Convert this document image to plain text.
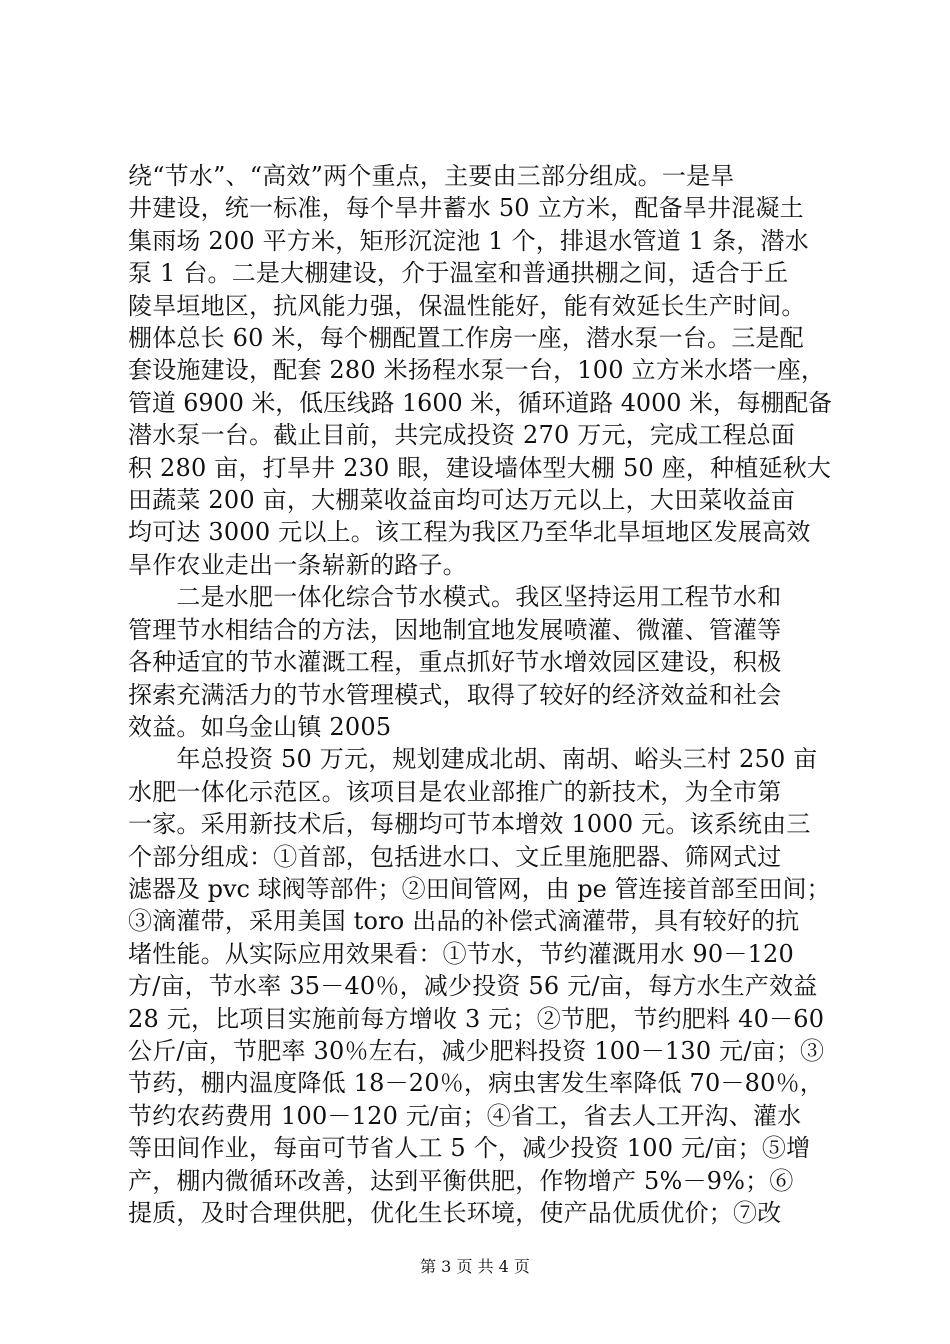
绕“节水”、“高效”两个重点，主要由三部分组成。一是旱
井建设，统一标准，每个旱井蓄水 50 立方米，配备旱井混凝土
集雨场 200 平方米，矩形沉淀池 1 个，排退水管道 1 条，潜水
泵 1 台。二是大棚建设，介于温室和普通拱棚之间，适合于丘
陵旱垣地区，抗风能力强，保温性能好，能有效延长生产时间。
棚体总长 60 米，每个棚配置工作房一座，潜水泵一台。三是配
套设施建设，配套 280 米扬程水泵一台，100 立方米水塔一座，
管道 6900 米，低压线路 1600 米，循环道路 4000 米，每棚配备
潜水泵一台。截止目前，共完成投资 270 万元，完成工程总面
积 280 亩，打旱井 230 眼，建设墙体型大棚 50 座，种植延秋大
田蔬菜 200 亩，大棚菜收益亩均可达万元以上，大田菜收益亩
均可达 3000 元以上。该工程为我区乃至华北旱垣地区发展高效
旱作农业走出一条崭新的路子。
　　二是水肥一体化综合节水模式。我区坚持运用工程节水和
管理节水相结合的方法，因地制宜地发展喷灌、微灌、管灌等
各种适宜的节水灌溉工程，重点抓好节水增效园区建设，积极
探索充满活力的节水管理模式，取得了较好的经济效益和社会
效益。如乌金山镇 2005
　　年总投资 50 万元，规划建成北胡、南胡、峪头三村 250 亩
水肥一体化示范区。该项目是农业部推广的新技术，为全市第
一家。采用新技术后，每棚均可节本增效 1000 元。该系统由三
个部分组成：①首部，包括进水口、文丘里施肥器、筛网式过
滤器及 pvc 球阀等部件；②田间管网，由 pe 管连接首部至田间；
③滴灌带，采用美国 toro 出品的补偿式滴灌带，具有较好的抗
堵性能。从实际应用效果看：①节水，节约灌溉用水 90－120
方/亩，节水率 35－40％，减少投资 56 元/亩，每方水生产效益
28 元，比项目实施前每方增收 3 元；②节肥，节约肥料 40－60
公斤/亩，节肥率 30％左右，减少肥料投资 100－130 元/亩；③
节药，棚内温度降低 18－20％，病虫害发生率降低 70－80％，
节约农药费用 100－120 元/亩；④省工，省去人工开沟、灌水
等田间作业，每亩可节省人工 5 个，减少投资 100 元/亩；⑤增
产，棚内微循环改善，达到平衡供肥，作物增产 5%－9%；⑥
提质，及时合理供肥，优化生长环境，使产品优质优价；⑦改
第 3 页 共 4 页
